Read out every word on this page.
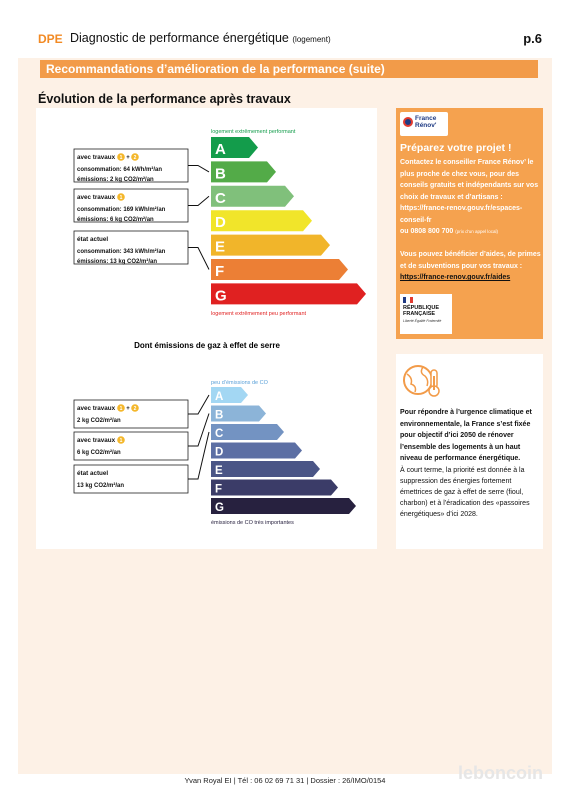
DPE Diagnostic de performance énergétique (logement)	p.6
Recommandations d’amélioration de la performance (suite)
Évolution de la performance après travaux
logement extrêmement performant
A
B
C
D
E
F
G
logement extrêmement peu performant
avec travaux 1 + 2
consommation: 64 kWh/m²/an
émissions: 2 kg CO2/m²/an
avec travaux 1
consommation: 169 kWh/m²/an
émissions: 6 kg CO2/m²/an
état actuel
consommation: 343 kWh/m²/an
émissions: 13 kg CO2/m²/an
Dont émissions de gaz à effet de serre
peu d’émissions de CO
A
B
C
D
E
F
G
émissions de CO très importantes
avec travaux 1 + 2
2 kg CO2/m²/an
avec travaux 1
6 kg CO2/m²/an
état actuel
13 kg CO2/m²/an
France
Rénov'
Préparez votre projet !
Contactez le conseiller France Rénov’ le plus proche de chez vous, pour des conseils gratuits et indépendants sur vos choix de travaux et d’artisans :
https://france-renov.gouv.fr/espaces-conseil-fr
ou 0808 800 700 (prix d’un appel local)
Vous pouvez bénéficier d’aides, de primes et de subventions pour vos travaux :
https://france-renov.gouv.fr/aides
RÉPUBLIQUE
FRANÇAISE
Liberté Égalité Fraternité
Pour répondre à l’urgence climatique et environnementale, la France s’est fixée pour objectif d’ici 2050 de rénover l’ensemble des logements à un haut niveau de performance énergétique.
À court terme, la priorité est donnée à la suppression des énergies fortement émettrices de gaz à effet de serre (fioul, charbon) et à l’éradication des «passoires énergétiques» d’ici 2028.
Yvan Royal EI | Tél : 06 02 69 71 31 | Dossier : 26/IMO/0154	leboncoin
